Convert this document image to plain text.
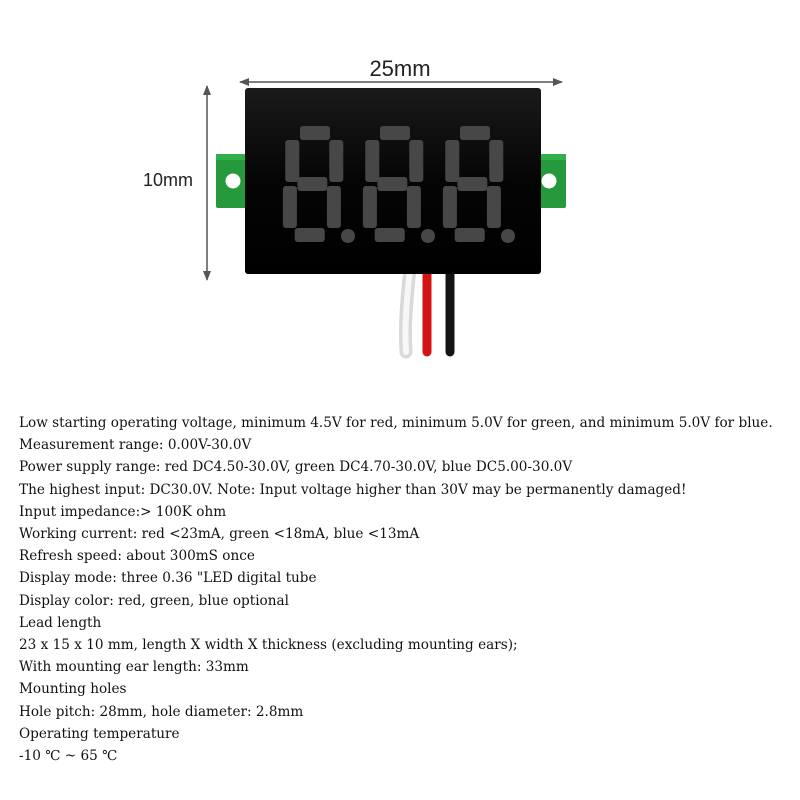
25mm
10mm
Low starting operating voltage, minimum 4.5V for red, minimum 5.0V for green, and minimum 5.0V for blue.
Measurement range: 0.00V-30.0V
Power supply range: red DC4.50-30.0V, green DC4.70-30.0V, blue DC5.00-30.0V
The highest input: DC30.0V. Note: Input voltage higher than 30V may be permanently damaged!
Input impedance:> 100K ohm
Working current: red <23mA, green <18mA, blue <13mA
Refresh speed: about 300mS once
Display mode: three 0.36 "LED digital tube
Display color: red, green, blue optional
Lead length
23 x 15 x 10 mm, length X width X thickness (excluding mounting ears);
With mounting ear length: 33mm
Mounting holes
Hole pitch: 28mm, hole diameter: 2.8mm
Operating temperature
-10 ℃ ~ 65 ℃
